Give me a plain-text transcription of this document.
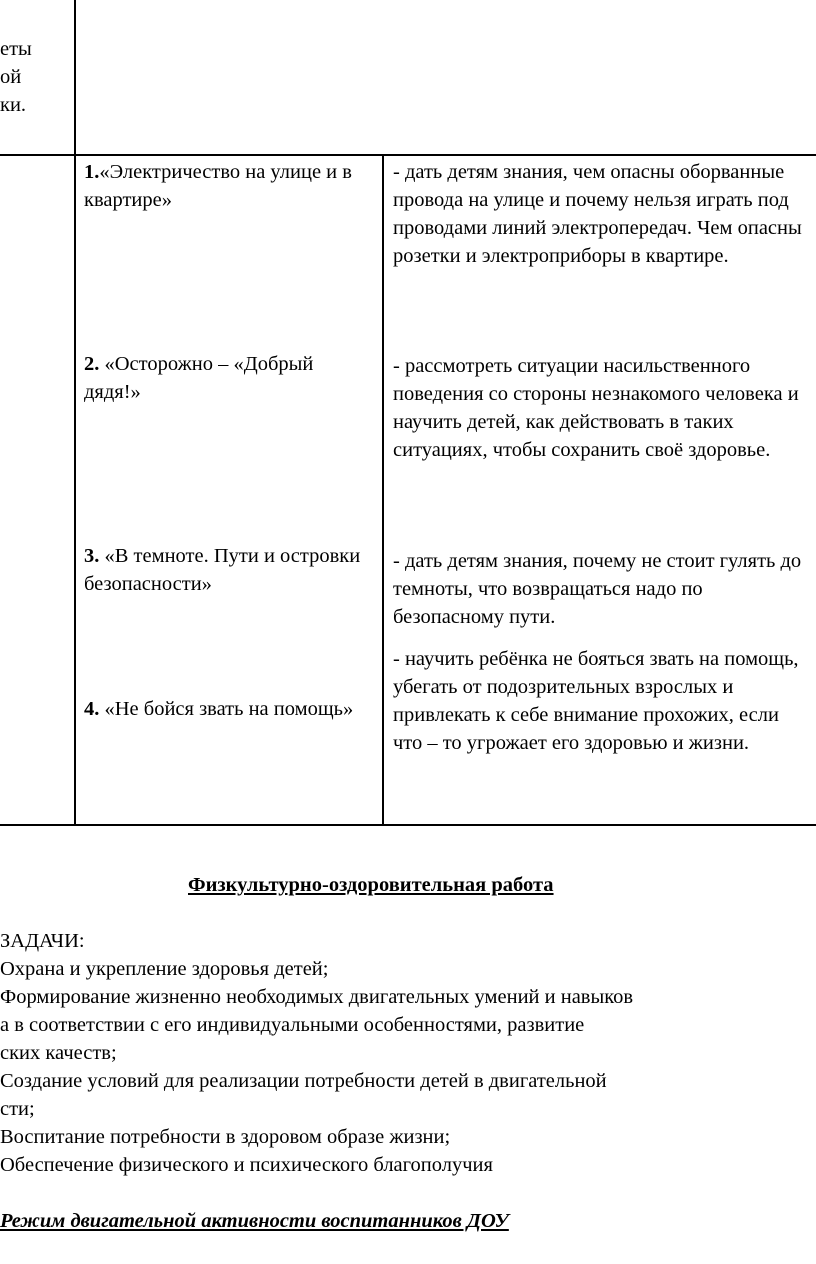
еты
ой
ки.
1.«Электричество на улице и в квартире»
2. «Осторожно – «Добрый дядя!»
3. «В темноте. Пути и островки безопасности»
4. «Не бойся звать на помощь»
- дать детям знания, чем опасны оборванные провода на улице и почему нельзя играть под проводами линий электропередач. Чем опасны розетки и электроприборы в квартире.
- рассмотреть ситуации насильственного поведения со стороны незнакомого человека и научить детей, как действовать в таких ситуациях, чтобы сохранить своё здоровье.
- дать детям знания, почему не стоит гулять до темноты, что возвращаться надо по безопасному пути.
- научить ребёнка не бояться звать на помощь, убегать от подозрительных взрослых и привлекать к себе внимание прохожих, если что – то угрожает его здоровью и жизни.
Физкультурно-оздоровительная работа
ЗАДАЧИ:
Охрана и укрепление здоровья детей;
Формирование жизненно необходимых двигательных умений и навыков
а в соответствии с его индивидуальными особенностями, развитие
ских качеств;
Создание условий для реализации потребности детей в двигательной
сти;
Воспитание потребности в здоровом образе жизни;
Обеспечение физического и психического благополучия
Режим двигательной активности воспитанников ДОУ
